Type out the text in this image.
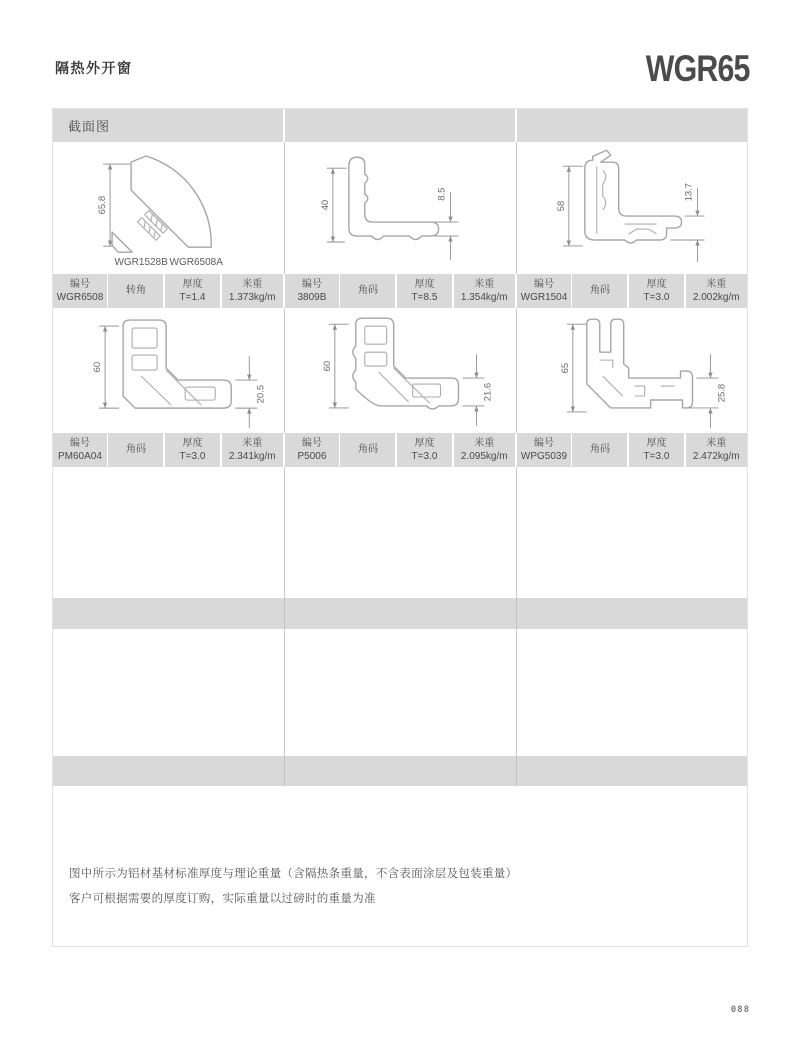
隔热外开窗	WGR65
截面图
65.8
WGR1528B WGR6508A
40
8.5
58
13.7
编号
WGR6508
转角
厚度
T=1.4
米重
1.373kg/m
编号
3809B
角码
厚度
T=8.5
米重
1.354kg/m
编号
WGR1504
角码
厚度
T=3.0
米重
2.002kg/m
60
20.5
60
21.6
65
25.8
编号
PM60A04
角码
厚度
T=3.0
米重
2.341kg/m
编号
P5006
角码
厚度
T=3.0
米重
2.095kg/m
编号
WPG5039
角码
厚度
T=3.0
米重
2.472kg/m

图中所示为铝材基材标准厚度与理论重量（含隔热条重量，不含表面涂层及包装重量）

客户可根据需要的厚度订购，实际重量以过磅时的重量为准

088
